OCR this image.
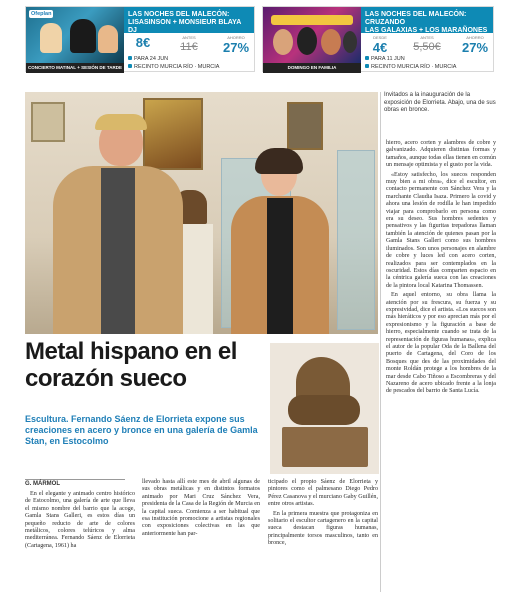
Ofeplan
CONCIERTO MATINAL + SESIÓN DE TARDE
LAS NOCHES DEL MALECÓN:
LISASINSON + MONSIEUR BLAYA DJ
8€	ANTES
11€
AHORRO
27%
PARA 24 JUN
RECINTO MURCIA RÍO · MURCIA	DOMINGO EN FAMILIA
LAS NOCHES DEL MALECÓN: CRUZANDO
LAS GALAXIAS + LOS MARAÑONES
DESDE
4€
ANTES
5,50€
AHORRO
27%
PARA 11 JUN
RECINTO MURCIA RÍO · MURCIA
Invitados a la inauguración de la exposición de Elorrieta. Abajo, una de sus obras en bronce.
Metal hispano en el corazón sueco
Escultura. Fernando Sáenz de Elorrieta expone sus creaciones en acero y bronce en una galería de Gamla Stan, en Estocolmo
G. MÁRMOL

En el elegante y animado centro histórico de Estocolmo, una galería de arte que lleva el mismo nombre del barrio que la acoge, Gamla Stans Galleri, es estos días un pequeño reducto de arte de colores metálicos, colores telúricos y alma mediterránea. Fernando Sáenz de Elorrieta (Cartagena, 1961) ha

llevado hasta allí este mes de abril algunas de sus obras metálicas y en distintos formatos animado por Mari Cruz Sánchez Vera, presidenta de la Casa de la Región de Murcia en la capital sueca. Comienza a ser habitual que esa institución promocione a artistas regionales con exposiciones colectivas en las que anteriormente han par-

ticipado el propio Sáenz de Elorrieta y pintores como el palmesano Diego Pedro Pérez Casanova y el murciano Gaby Guillén, entre otros artistas.

En la primera muestra que protagoniza en solitario el escultor cartagenero en la capital sueca destacan figuras humanas, principalmente torsos masculinos, tanto en bronce,

hierro, acero corten y alambres de cobre y galvanizado. Adquieren distintas formas y tamaños, aunque todas ellas tienen en común un mensaje optimista y el gusto por la vida.

«Estoy satisfecho, los suecos responden muy bien a mi obra», dice el escultor, en contacto permanente con Sánchez Vera y la marchante Claudia Isaza. Primero la covid y ahora una lesión de rodilla le han impedido viajar para comprobarlo en persona como era su deseo. Sus hombres sedentes y pensativos y las figuritas trepadoras llaman también la atención de quienes pasan por la Gamla Stans Galleri como sus hombres iluminados. Son unos personajes en alambre de cobre y luces led con acero corten, realizados para ser contemplados en la oscuridad. Estos días comparten espacio en la céntrica galería sueca con las creaciones de la pintora local Katarina Thomassen.

En aquel entorno, su obra llama la atención por su frescura, su fuerza y su expresividad, dice el artista. «Los suecos son más hieráticos y por eso aprecian más por el expresionismo y la figuración a base de hierro, especialmente cuando se trata de la representación de figuras humanas», explica el autor de la popular Oda de la Ballena del puerto de Cartagena, del Coro de los Bosques que des de las proximidades del monte Roldán protege a los hombres de la mar desde Cabo Tiñoso a Escombreras y del Nazareno de acero ubicado frente a la lonja de pescados del barrio de Santa Lucía.
